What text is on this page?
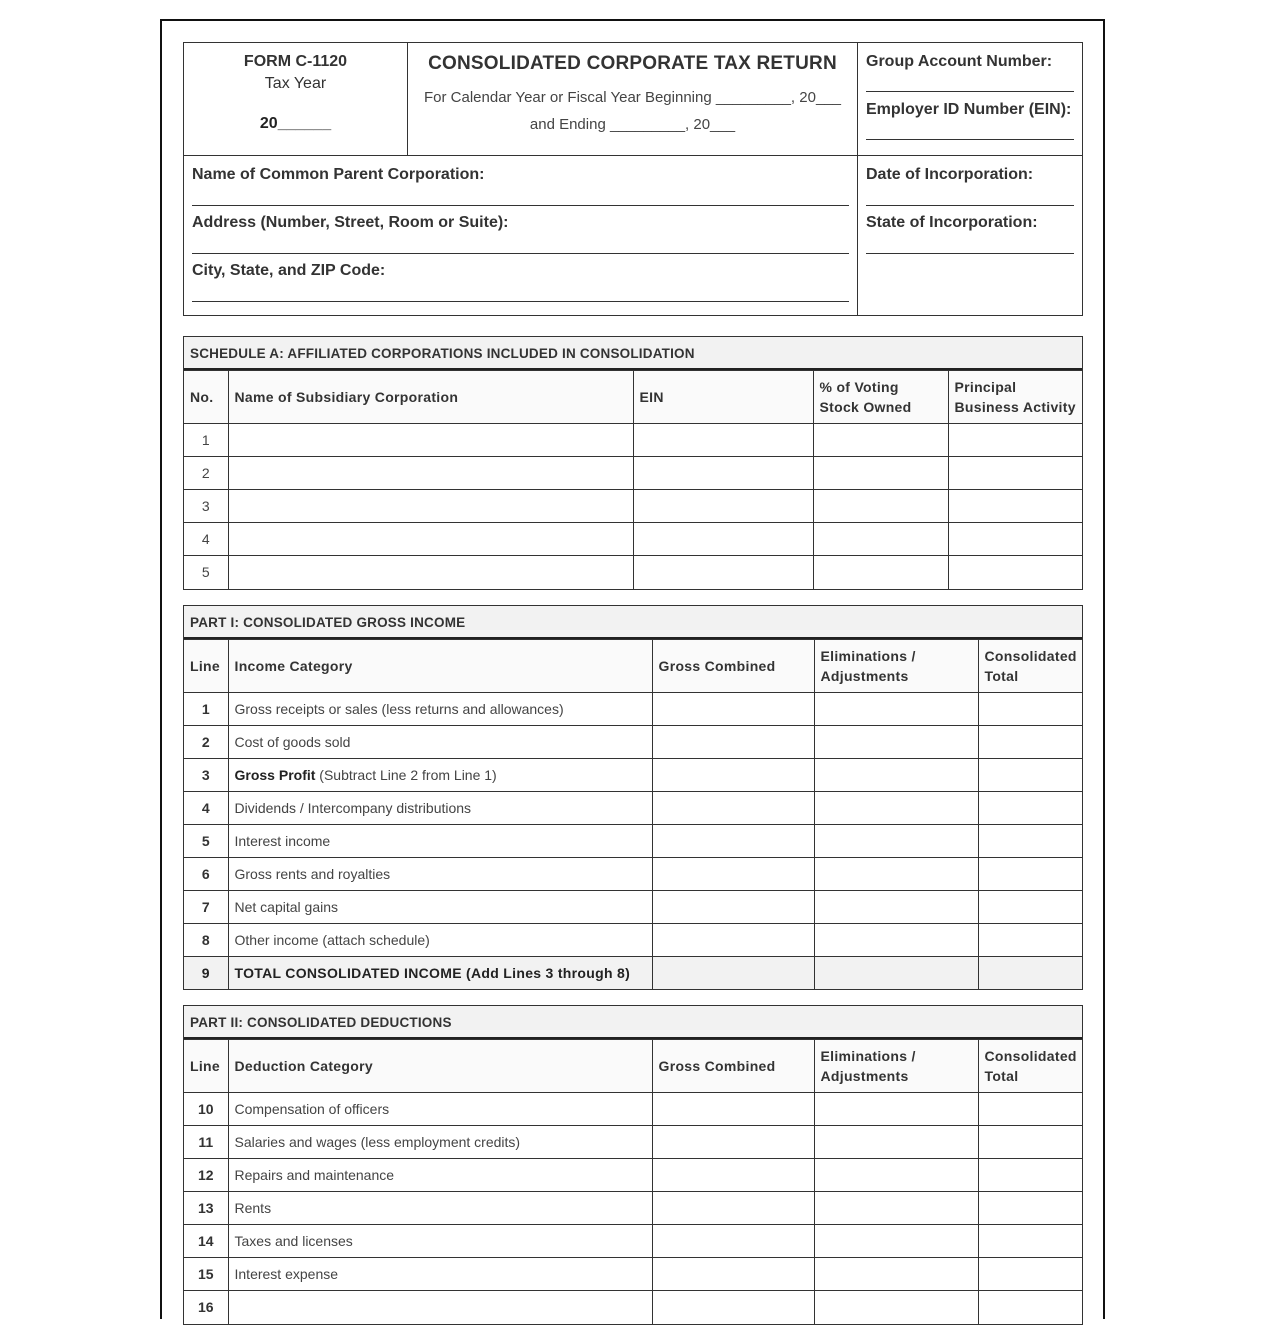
FORM C-1120
Tax Year
20______
CONSOLIDATED CORPORATE TAX RETURN
For Calendar Year or Fiscal Year Beginning _________, 20___
and Ending _________, 20___
Group Account Number:
Employer ID Number (EIN):
Name of Common Parent Corporation:
Address (Number, Street, Room or Suite):
City, State, and ZIP Code:
Date of Incorporation:
State of Incorporation:
SCHEDULE A: AFFILIATED CORPORATIONS INCLUDED IN CONSOLIDATION
No.	Name of Subsidiary Corporation	EIN	% of Voting Stock Owned	Principal Business Activity
1				
2				
3				
4				
5				
PART I: CONSOLIDATED GROSS INCOME
Line	Income Category	Gross Combined	Eliminations / Adjustments	Consolidated Total
1	Gross receipts or sales (less returns and allowances)			
2	Cost of goods sold			
3	Gross Profit (Subtract Line 2 from Line 1)			
4	Dividends / Intercompany distributions			
5	Interest income			
6	Gross rents and royalties			
7	Net capital gains			
8	Other income (attach schedule)			
9	TOTAL CONSOLIDATED INCOME (Add Lines 3 through 8)			
PART II: CONSOLIDATED DEDUCTIONS
Line	Deduction Category	Gross Combined	Eliminations / Adjustments	Consolidated Total
10	Compensation of officers			
11	Salaries and wages (less employment credits)			
12	Repairs and maintenance			
13	Rents			
14	Taxes and licenses			
15	Interest expense			
16				
